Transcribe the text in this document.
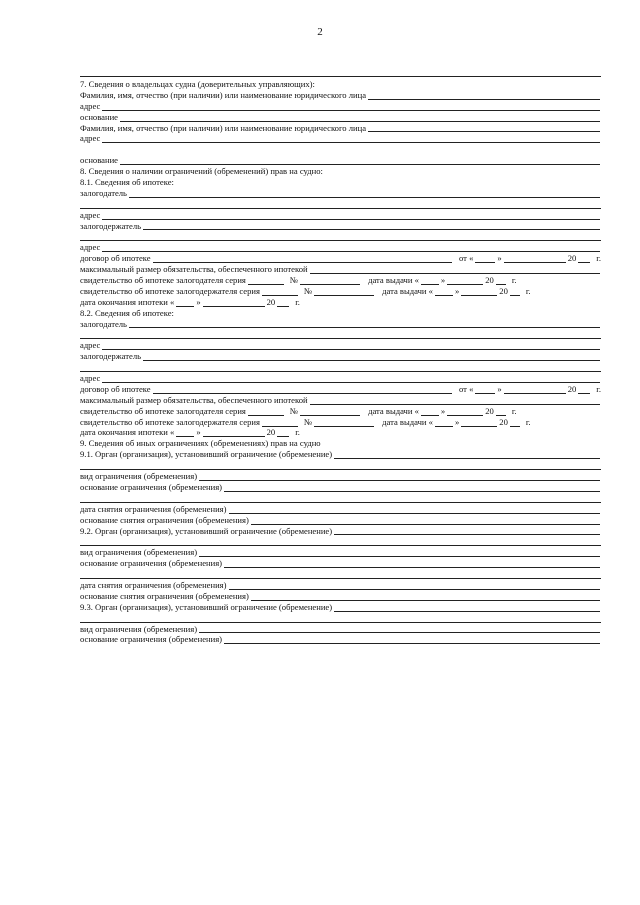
2
7. Сведения о владельцах судна (доверительных управляющих):
Фамилия, имя, отчество (при наличии) или наименование юридического лица
адрес
основание
Фамилия, имя, отчество (при наличии) или наименование юридического лица
адрес
основание
8. Сведения о наличии ограничений (обременений) прав на судно:
8.1. Сведения об ипотеке:
залогодатель
адрес
залогодержатель
адрес
договор об ипотеке	от «	»	20 г.
максимальный размер обязательства, обеспеченного ипотекой
свидетельство об ипотеке залогодателя серия	№	дата выдачи «	»	20 г.
свидетельство об ипотеке залогодержателя серия	№	дата выдачи «	»	20 г.
дата окончания ипотеки «	»	20 г.
8.2. Сведения об ипотеке:
залогодатель
адрес
залогодержатель
адрес
договор об ипотеке	от «	»	20 г.
максимальный размер обязательства, обеспеченного ипотекой
свидетельство об ипотеке залогодателя серия	№	дата выдачи «	»	20 г.
свидетельство об ипотеке залогодержателя серия	№	дата выдачи «	»	20 г.
дата окончания ипотеки «	»	20 г.
9. Сведения об иных ограничениях (обременениях) прав на судно
9.1. Орган (организация), установивший ограничение (обременение)
вид ограничения (обременения)
основание ограничения (обременения)
дата снятия ограничения (обременения)
основание снятия ограничения (обременения)
9.2. Орган (организация), установивший ограничение (обременение)
вид ограничения (обременения)
основание ограничения (обременения)
дата снятия ограничения (обременения)
основание снятия ограничения (обременения)
9.3. Орган (организация), установивший ограничение (обременение)
вид ограничения (обременения)
основание ограничения (обременения)
